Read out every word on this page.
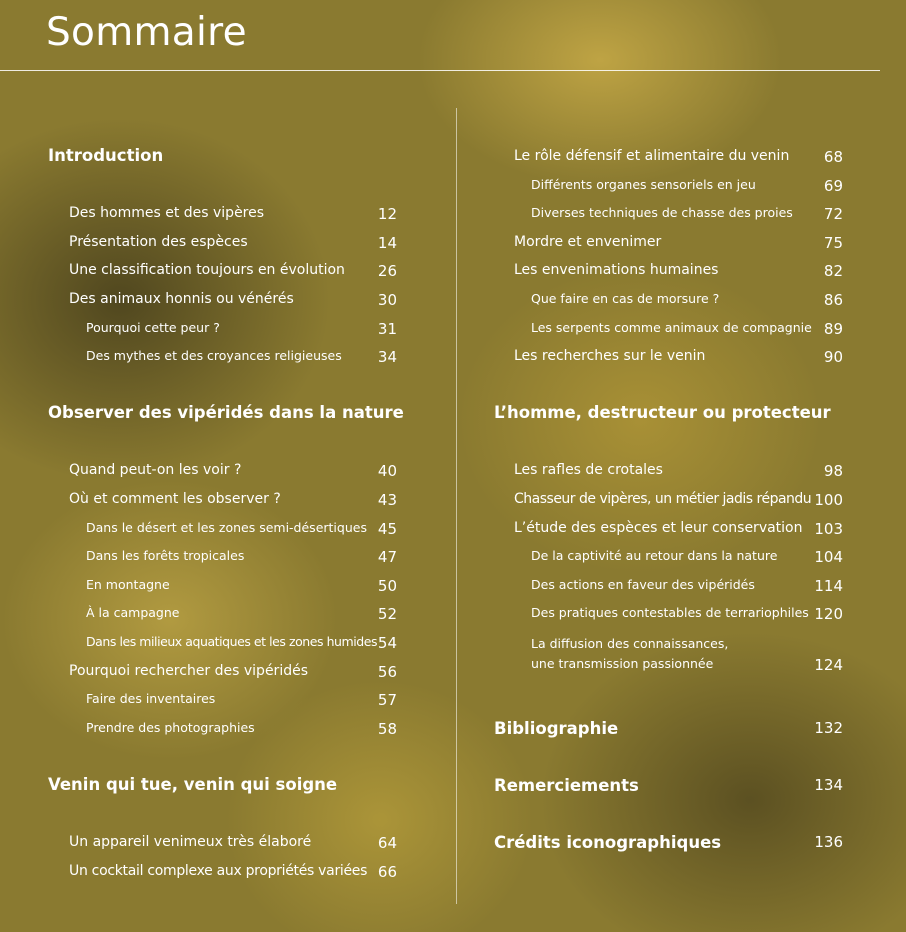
Sommaire
Introduction
Des hommes et des vipères	12
Présentation des espèces	14
Une classification toujours en évolution 26
Des animaux honnis ou vénérés	30
Pourquoi cette peur ?	31
Des mythes et des croyances religieuses 34
Observer des vipéridés dans la nature
Quand peut-on les voir ?	40
Où et comment les observer ?	43
Dans le désert et les zones semi-désertiques 45
Dans les forêts tropicales	47
En montagne	50
À la campagne	52
Dans les milieux aquatiques et les zones humides 54
Pourquoi rechercher des vipéridés	56
Faire des inventaires	57
Prendre des photographies	58
Venin qui tue, venin qui soigne
Un appareil venimeux très élaboré	64
Un cocktail complexe aux propriétés variées 66
Le rôle défensif et alimentaire du venin 68
Différents organes sensoriels en jeu	69
Diverses techniques de chasse des proies 72
Mordre et envenimer	75
Les envenimations humaines	82
Que faire en cas de morsure ?	86
Les serpents comme animaux de compagnie 89
Les recherches sur le venin	90
L’homme, destructeur ou protecteur
Les rafles de crotales	98
Chasseur de vipères, un métier jadis répandu 100
L’étude des espèces et leur conservation 103
De la captivité au retour dans la nature 104
Des actions en faveur des vipéridés	114
Des pratiques contestables de terrariophiles 120
La diffusion des connaissances,
une transmission passionnée	124
Bibliographie	132
Remerciements	134
Crédits iconographiques	136
